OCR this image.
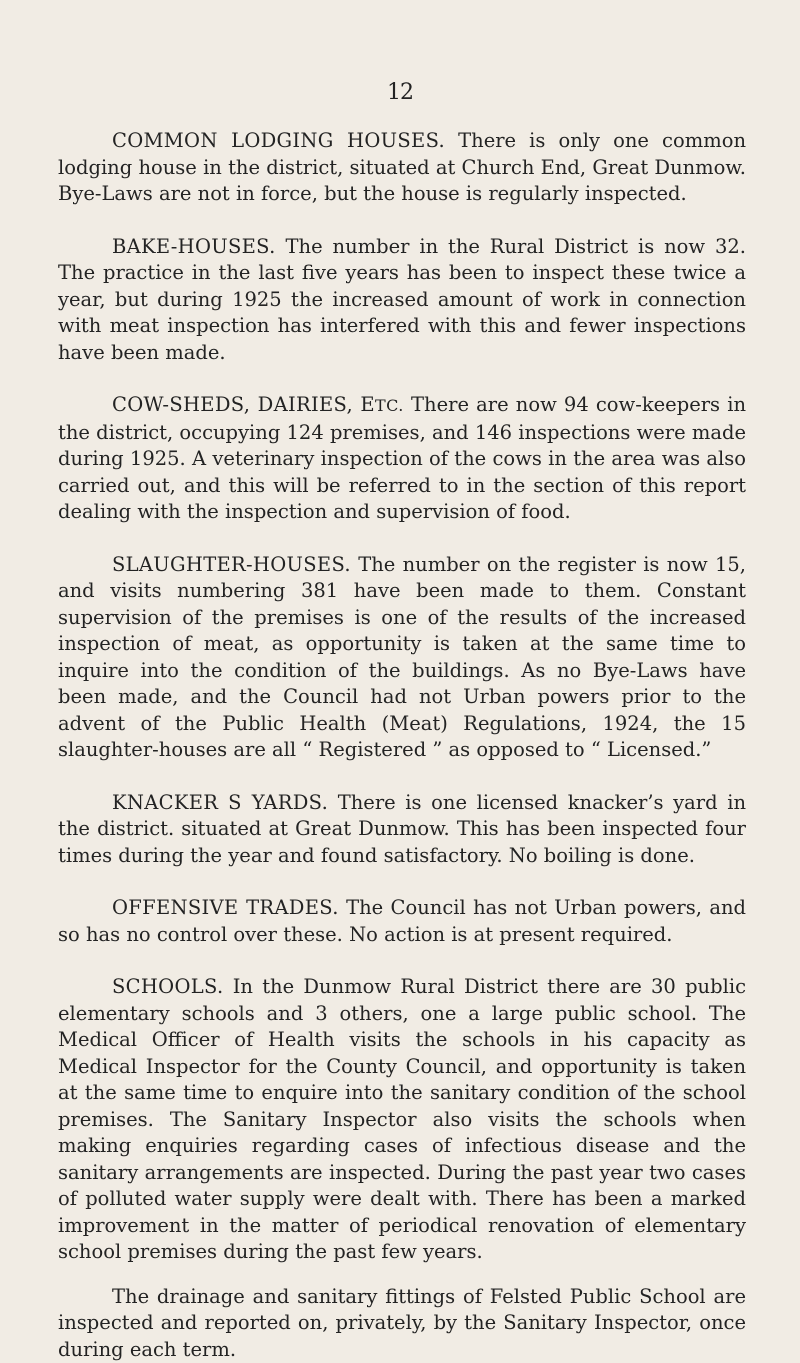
12

COMMON LODGING HOUSES. There is only one common lodging house in the district, situated at Church End, Great Dunmow. Bye-Laws are not in force, but the house is regularly inspected.

BAKE-HOUSES. The number in the Rural District is now 32. The practice in the last five years has been to inspect these twice a year, but during 1925 the increased amount of work in connection with meat inspection has interfered with this and fewer inspections have been made.

COW-SHEDS, DAIRIES, ETC. There are now 94 cow-keepers in the district, occupying 124 premises, and 146 inspections were made during 1925. A veterinary inspection of the cows in the area was also carried out, and this will be referred to in the section of this report dealing with the inspection and supervision of food.

SLAUGHTER-HOUSES. The number on the register is now 15, and visits numbering 381 have been made to them. Constant supervision of the premises is one of the results of the increased inspection of meat, as opportunity is taken at the same time to inquire into the condition of the buildings. As no Bye-Laws have been made, and the Council had not Urban powers prior to the advent of the Public Health (Meat) Regulations, 1924, the 15 slaughter-houses are all “ Registered ” as opposed to “ Licensed.”

KNACKER S YARDS. There is one licensed knacker’s yard in the district. situated at Great Dunmow. This has been inspected four times during the year and found satisfactory. No boiling is done.

OFFENSIVE TRADES. The Council has not Urban powers, and so has no control over these. No action is at present required.

SCHOOLS. In the Dunmow Rural District there are 30 public elementary schools and 3 others, one a large public school. The Medical Officer of Health visits the schools in his capacity as Medical Inspector for the County Council, and opportunity is taken at the same time to enquire into the sanitary condition of the school premises. The Sanitary Inspector also visits the schools when making enquiries regarding cases of infectious disease and the sanitary arrangements are inspected. During the past year two cases of polluted water supply were dealt with. There has been a marked improvement in the matter of periodical renovation of elementary school premises during the past few years.

The drainage and sanitary fittings of Felsted Public School are inspected and reported on, privately, by the Sanitary Inspector, once during each term.
